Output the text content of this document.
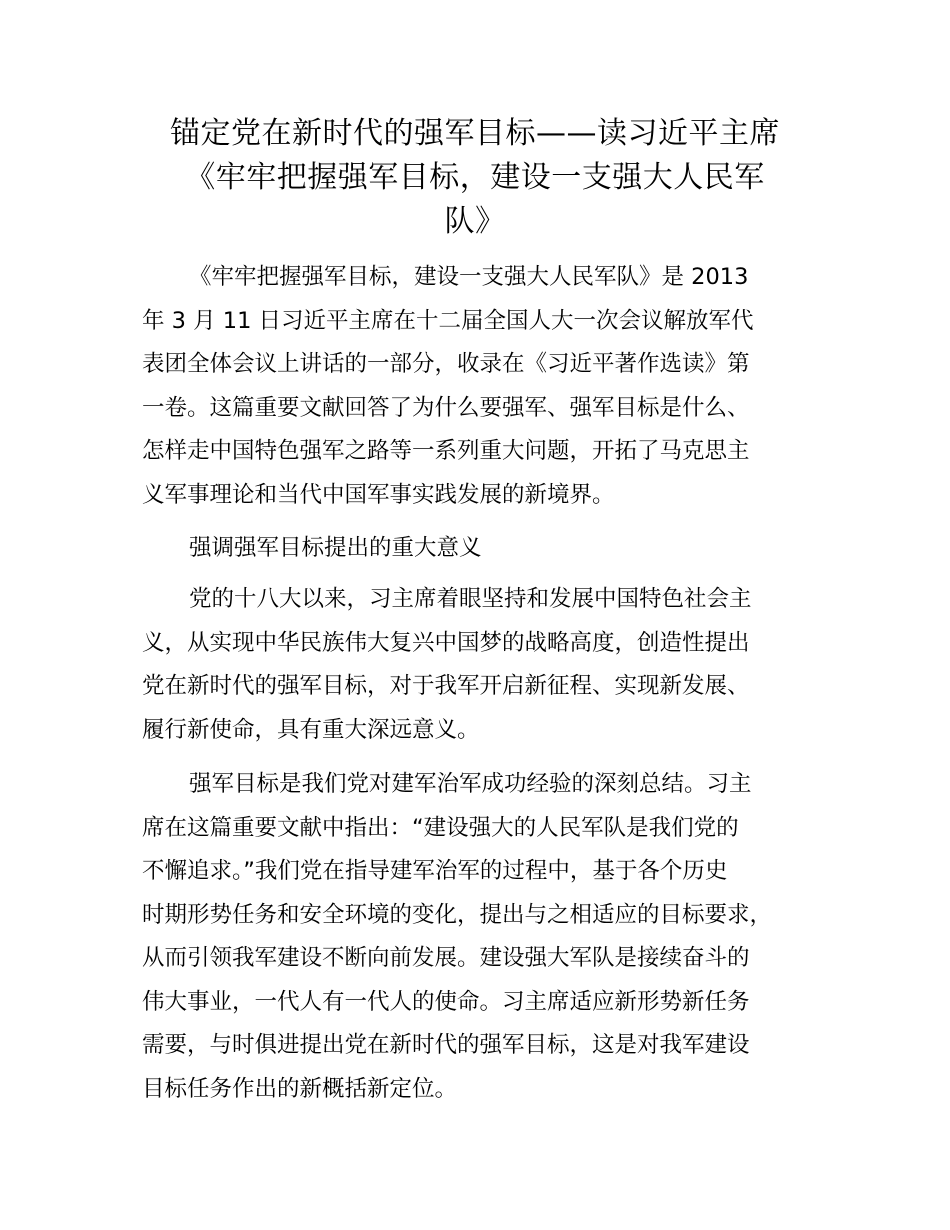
锚定党在新时代的强军目标——读习近平主席
《牢牢把握强军目标，建设一支强大人民军
队》
《牢牢把握强军目标，建设一支强大人民军队》是 2013
年 3 月 11 日习近平主席在十二届全国人大一次会议解放军代
表团全体会议上讲话的一部分，收录在《习近平著作选读》第
一卷。这篇重要文献回答了为什么要强军、强军目标是什么、
怎样走中国特色强军之路等一系列重大问题，开拓了马克思主
义军事理论和当代中国军事实践发展的新境界。
强调强军目标提出的重大意义
党的十八大以来，习主席着眼坚持和发展中国特色社会主
义，从实现中华民族伟大复兴中国梦的战略高度，创造性提出
党在新时代的强军目标，对于我军开启新征程、实现新发展、
履行新使命，具有重大深远意义。
强军目标是我们党对建军治军成功经验的深刻总结。习主
席在这篇重要文献中指出：“建设强大的人民军队是我们党的
不懈追求。”我们党在指导建军治军的过程中，基于各个历史
时期形势任务和安全环境的变化，提出与之相适应的目标要求，
从而引领我军建设不断向前发展。建设强大军队是接续奋斗的
伟大事业，一代人有一代人的使命。习主席适应新形势新任务
需要，与时俱进提出党在新时代的强军目标，这是对我军建设
目标任务作出的新概括新定位。
